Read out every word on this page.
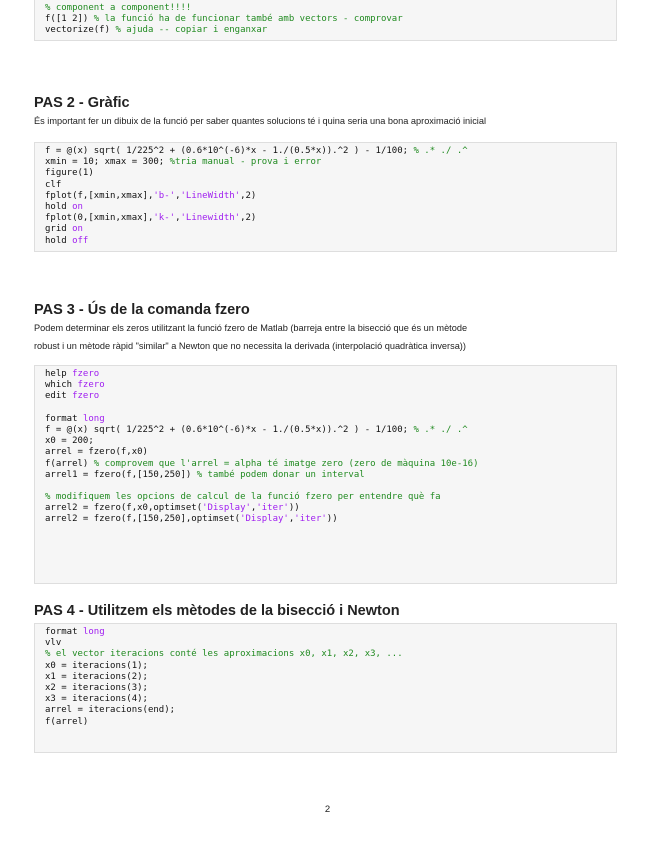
% component a component!!!!
f([1 2]) % la funció ha de funcionar també amb vectors - comprovar
vectorize(f) % ajuda -- copiar i enganxar
PAS 2 - Gràfic

És important fer un dibuix de la funció per saber quantes solucions té i quina seria una bona aproximació inicial

f = @(x) sqrt( 1/225^2 + (0.6*10^(-6)*x - 1./(0.5*x)).^2 ) - 1/100; % .* ./ .^
xmin = 10; xmax = 300; %tria manual - prova i error
figure(1)
clf
fplot(f,[xmin,xmax],'b-','LineWidth',2)
hold on
fplot(0,[xmin,xmax],'k-','Linewidth',2)
grid on
hold off
PAS 3 - Ús de la comanda fzero

Podem determinar els zeros utilitzant la funció fzero de Matlab (barreja entre la bisecció que és un mètode

robust i un mètode ràpid "similar" a Newton que no necessita la derivada (interpolació quadràtica inversa))

help fzero
which fzero
edit fzero

format long
f = @(x) sqrt( 1/225^2 + (0.6*10^(-6)*x - 1./(0.5*x)).^2 ) - 1/100; % .* ./ .^
x0 = 200;
arrel = fzero(f,x0)
f(arrel) % comprovem que l'arrel = alpha té imatge zero (zero de màquina 10e-16)
arrel1 = fzero(f,[150,250]) % també podem donar un interval

% modifiquem les opcions de calcul de la funció fzero per entendre què fa
arrel2 = fzero(f,x0,optimset('Display','iter'))
arrel2 = fzero(f,[150,250],optimset('Display','iter'))
PAS 4 - Utilitzem els mètodes de la bisecció i Newton
format long
vlv
% el vector iteracions conté les aproximacions x0, x1, x2, x3, ...
x0 = iteracions(1);
x1 = iteracions(2);
x2 = iteracions(3);
x3 = iteracions(4);
arrel = iteracions(end);
f(arrel)

2
